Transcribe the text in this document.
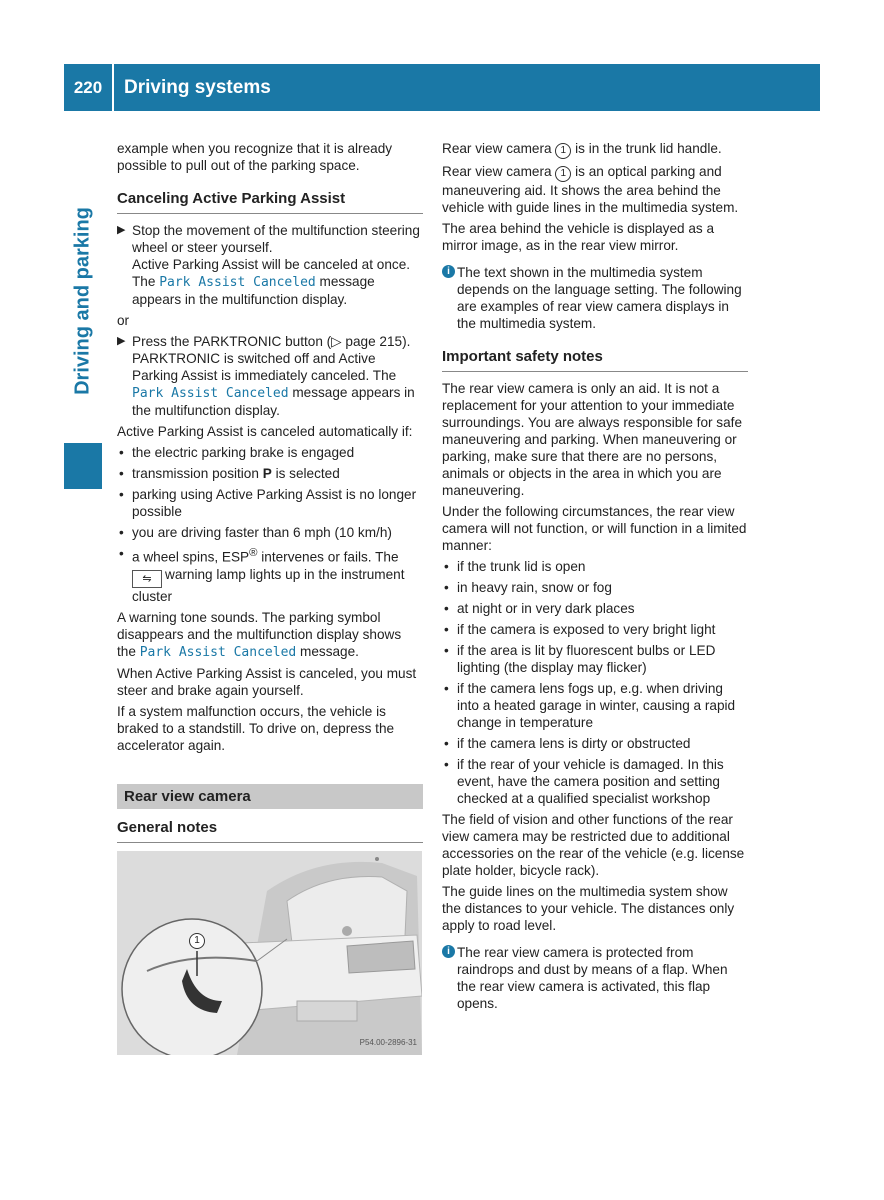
220	Driving systems
Driving and parking

example when you recognize that it is already possible to pull out of the parking space.

Canceling Active Parking Assist
▶ Stop the movement of the multifunction steering wheel or steer yourself.
Active Parking Assist will be canceled at once. The Park Assist Canceled message appears in the multifunction display.

or

▶ Press the PARKTRONIC button (▷ page 215). PARKTRONIC is switched off and Active Parking Assist is immediately canceled. The Park Assist Canceled message appears in the multifunction display.

Active Parking Assist is canceled automatically if:

• the electric parking brake is engaged
• transmission position P is selected
• parking using Active Parking Assist is no longer possible
• you are driving faster than 6 mph (10 km/h)
• a wheel spins, ESP® intervenes or fails. The
⇋ warning lamp lights up in the instrument cluster

A warning tone sounds. The parking symbol disappears and the multifunction display shows the Park Assist Canceled message.

When Active Parking Assist is canceled, you must steer and brake again yourself.

If a system malfunction occurs, the vehicle is braked to a standstill. To drive on, depress the accelerator again.

Rear view camera
General notes
1
P54.00-2896-31

Rear view camera 1 is in the trunk lid handle.

Rear view camera 1 is an optical parking and maneuvering aid. It shows the area behind the vehicle with guide lines in the multimedia system.

The area behind the vehicle is displayed as a mirror image, as in the rear view mirror.

i The text shown in the multimedia system depends on the language setting. The following are examples of rear view camera displays in the multimedia system.
Important safety notes

The rear view camera is only an aid. It is not a replacement for your attention to your immediate surroundings. You are always responsible for safe maneuvering and parking. When maneuvering or parking, make sure that there are no persons, animals or objects in the area in which you are maneuvering.

Under the following circumstances, the rear view camera will not function, or will function in a limited manner:

• if the trunk lid is open
• in heavy rain, snow or fog
• at night or in very dark places
• if the camera is exposed to very bright light
• if the area is lit by fluorescent bulbs or LED lighting (the display may flicker)
• if the camera lens fogs up, e.g. when driving into a heated garage in winter, causing a rapid change in temperature
• if the camera lens is dirty or obstructed
• if the rear of your vehicle is damaged. In this event, have the camera position and setting checked at a qualified specialist workshop

The field of vision and other functions of the rear view camera may be restricted due to additional accessories on the rear of the vehicle (e.g. license plate holder, bicycle rack).

The guide lines on the multimedia system show the distances to your vehicle. The distances only apply to road level.

i The rear view camera is protected from raindrops and dust by means of a flap. When the rear view camera is activated, this flap opens.
